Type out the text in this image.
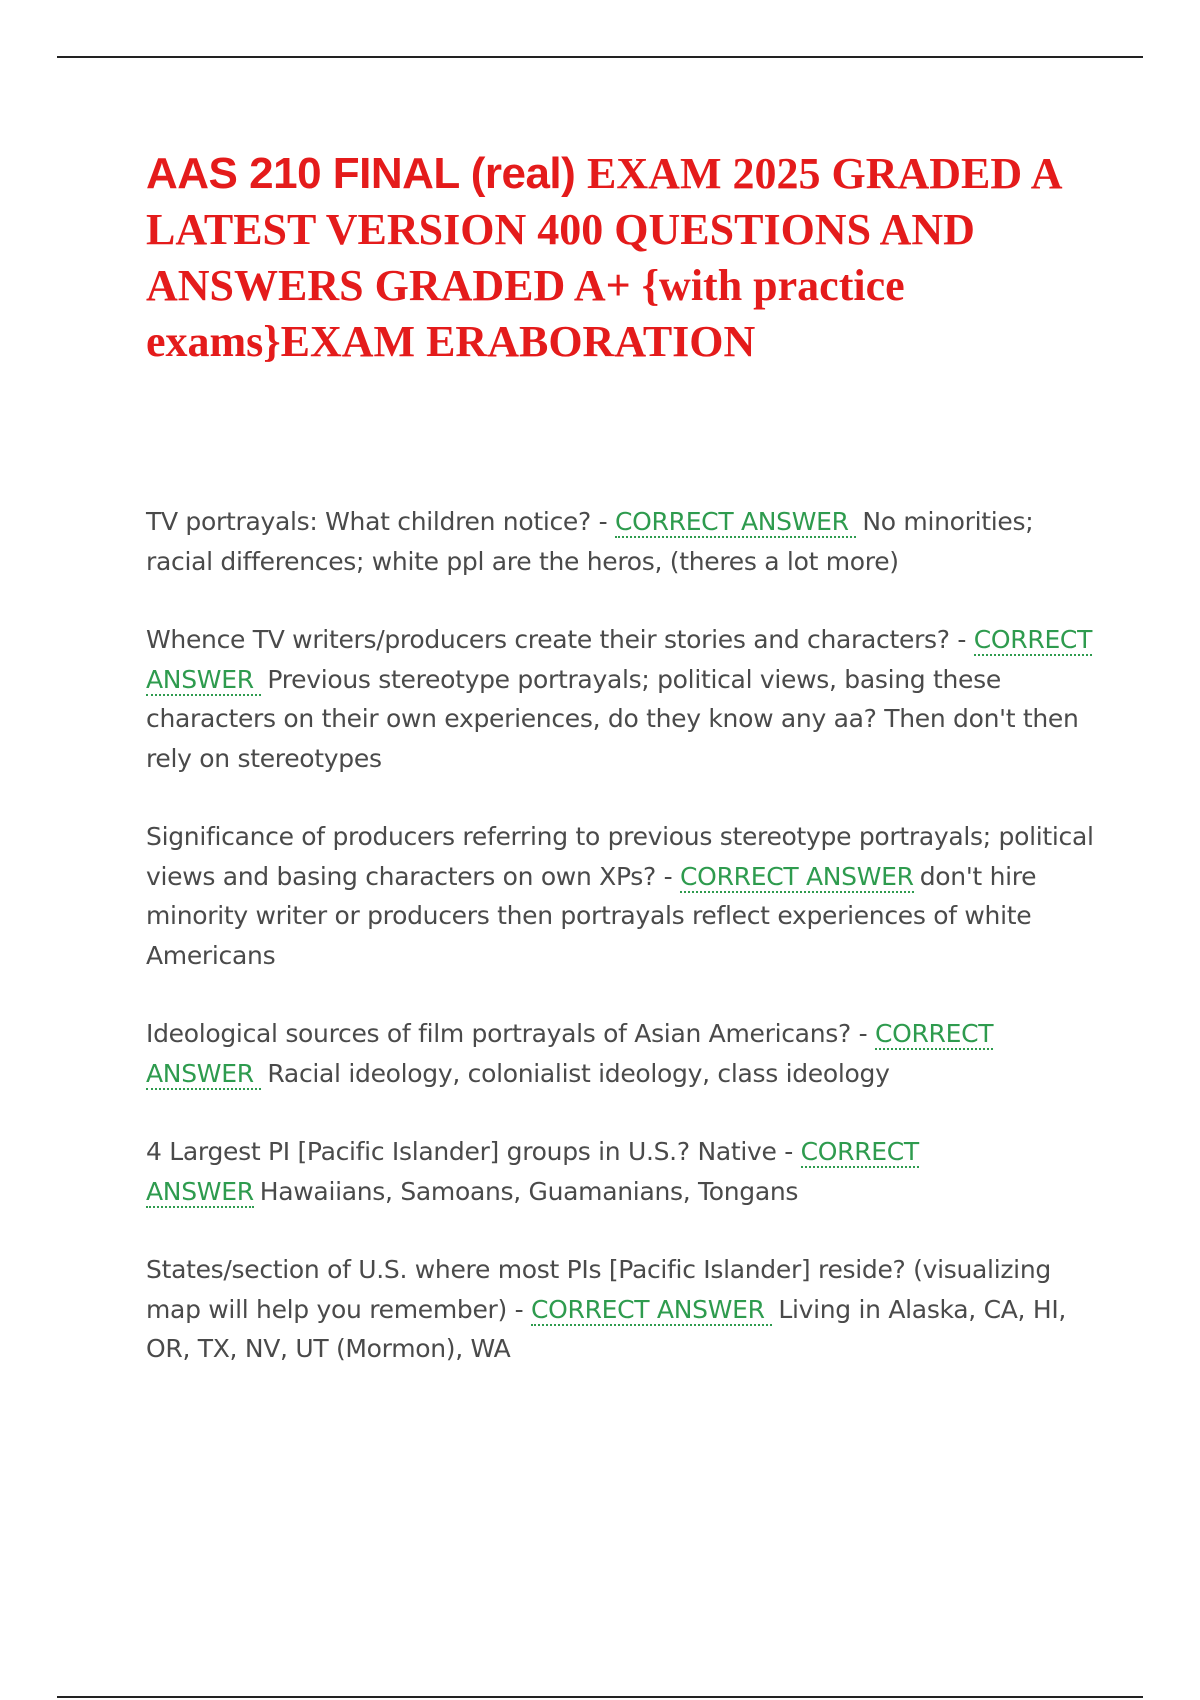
AAS 210 FINAL (real) EXAM 2025 GRADED A LATEST VERSION 400 QUESTIONS AND ANSWERS GRADED A+ {with practice exams}EXAM ERABORATION
TV portrayals: What children notice? - CORRECT ANSWER No minorities; racial differences; white ppl are the heros, (theres a lot more)
Whence TV writers/producers create their stories and characters? - CORRECT ANSWER Previous stereotype portrayals; political views, basing these characters on their own experiences, do they know any aa? Then don't then rely on stereotypes
Significance of producers referring to previous stereotype portrayals; political views and basing characters on own XPs? - CORRECT ANSWER don't hire minority writer or producers then portrayals reflect experiences of white Americans
Ideological sources of film portrayals of Asian Americans? - CORRECT ANSWER Racial ideology, colonialist ideology, class ideology
4 Largest PI [Pacific Islander] groups in U.S.? Native - CORRECT ANSWER Hawaiians, Samoans, Guamanians, Tongans
States/section of U.S. where most PIs [Pacific Islander] reside? (visualizing map will help you remember) - CORRECT ANSWER Living in Alaska, CA, HI, OR, TX, NV, UT (Mormon), WA
